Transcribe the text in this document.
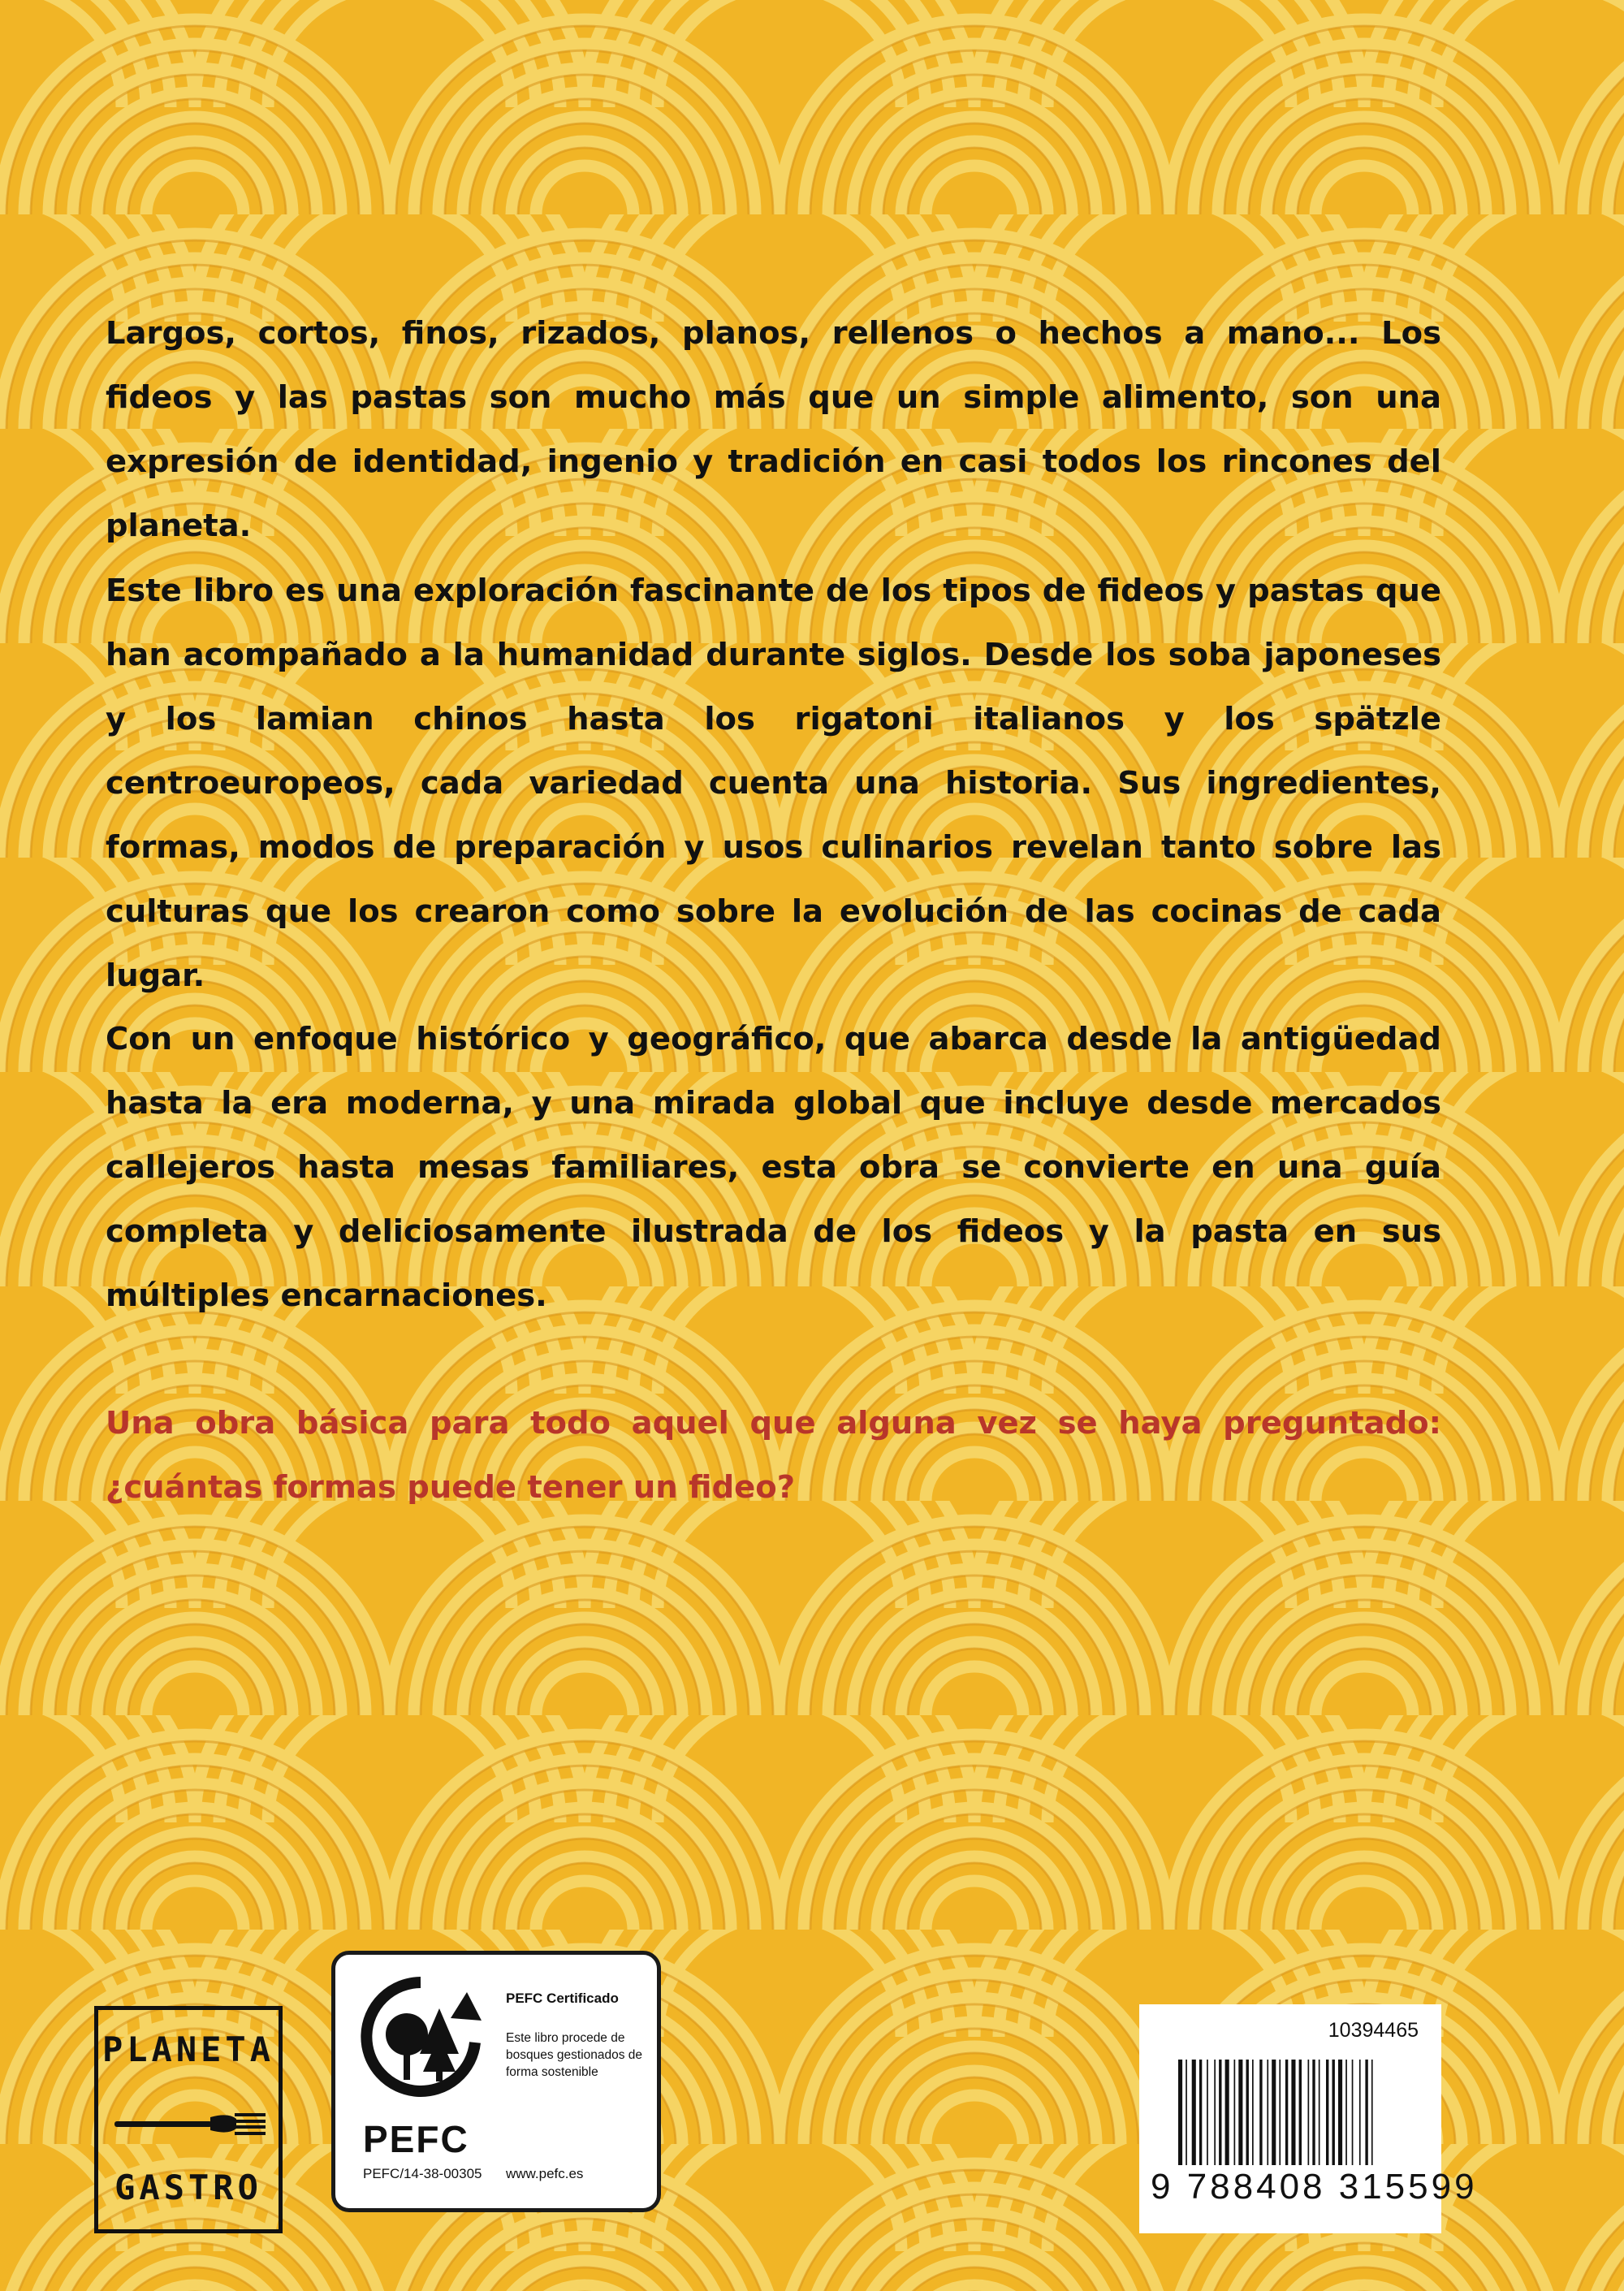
Largos, cortos, finos, rizados, planos, rellenos o hechos a mano... Los fideos y las pastas son mucho más que un simple alimento, son una expresión de identidad, ingenio y tradición en casi todos los rincones del planeta.

Este libro es una exploración fascinante de los tipos de fideos y pastas que han acompañado a la humanidad durante siglos. Desde los soba japoneses y los lamian chinos hasta los rigatoni italianos y los spätzle centroeuropeos, cada variedad cuenta una historia. Sus ingredientes, formas, modos de preparación y usos culinarios revelan tanto sobre las culturas que los crearon como sobre la evolución de las cocinas de cada lugar.

Con un enfoque histórico y geográfico, que abarca desde la antigüedad hasta la era moderna, y una mirada global que incluye desde mercados callejeros hasta mesas familiares, esta obra se convierte en una guía completa y deliciosamente ilustrada de los fideos y la pasta en sus múltiples encarnaciones.

Una obra básica para todo aquel que alguna vez se haya preguntado: ¿cuántas formas puede tener un fideo?

PLANETA
GASTRO
PEFC
PEFC/14-38-00305
PEFC Certificado
Este libro procede de bosques gestionados de forma sostenible
www.pefc.es
10394465
9 788408 315599
